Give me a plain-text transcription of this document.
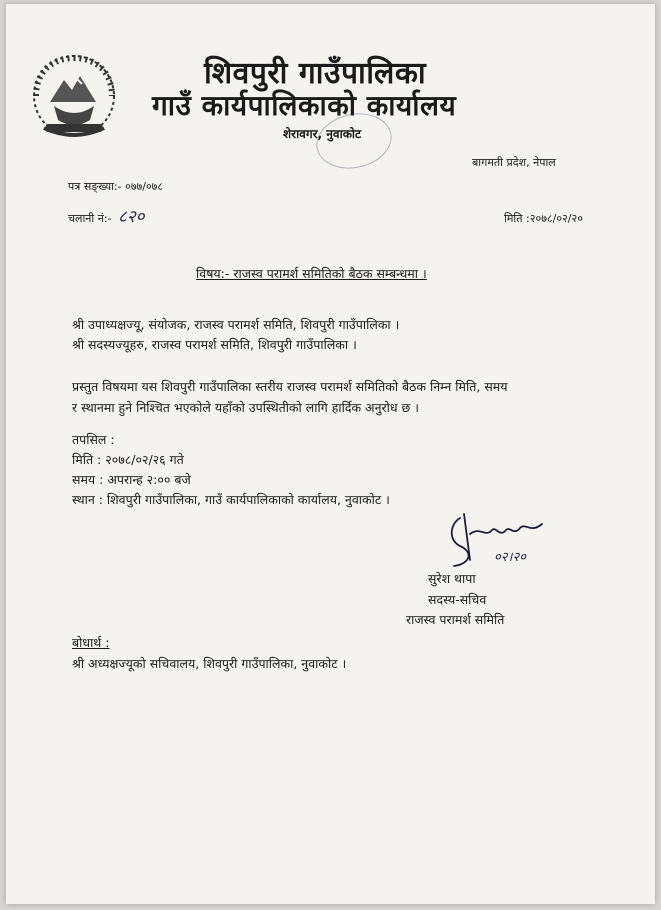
शिवपुरी गाउँपालिका
गाउँ कार्यपालिकाको कार्यालय
शेरावगर, नुवाकोट
बागमती प्रदेश, नेपाल
पत्र सङ्ख्या:- ०७७/०७८
चलानी नं:- ८२०	मिति :२०७८/०२/२०
विषय:- राजस्व परामर्श समितिको बैठक सम्बन्धमा ।
श्री उपाध्यक्षज्यू, संयोजक, राजस्व परामर्श समिति, शिवपुरी गाउँपालिका ।
श्री सदस्यज्यूहरु, राजस्व परामर्श समिति, शिवपुरी गाउँपालिका ।
प्रस्तुत विषयमा यस शिवपुरी गाउँपालिका स्तरीय राजस्व परामर्श समितिको बैठक निम्न मिति, समय
र स्थानमा हुने निश्चित भएकोले यहाँको उपस्थितीको लागि हार्दिक अनुरोध छ ।
तपसिल :
मिति : २०७८/०२/२६ गते
समय : अपरान्ह २:०० बजे
स्थान : शिवपुरी गाउँपालिका, गाउँ कार्यपालिकाको कार्यालय, नुवाकोट ।
०२।२०
सुरेश थापा
सदस्य-सचिव
राजस्व परामर्श समिति
बोधार्थ :
श्री अध्यक्षज्यूको सचिवालय, शिवपुरी गाउँपालिका, नुवाकोट ।
